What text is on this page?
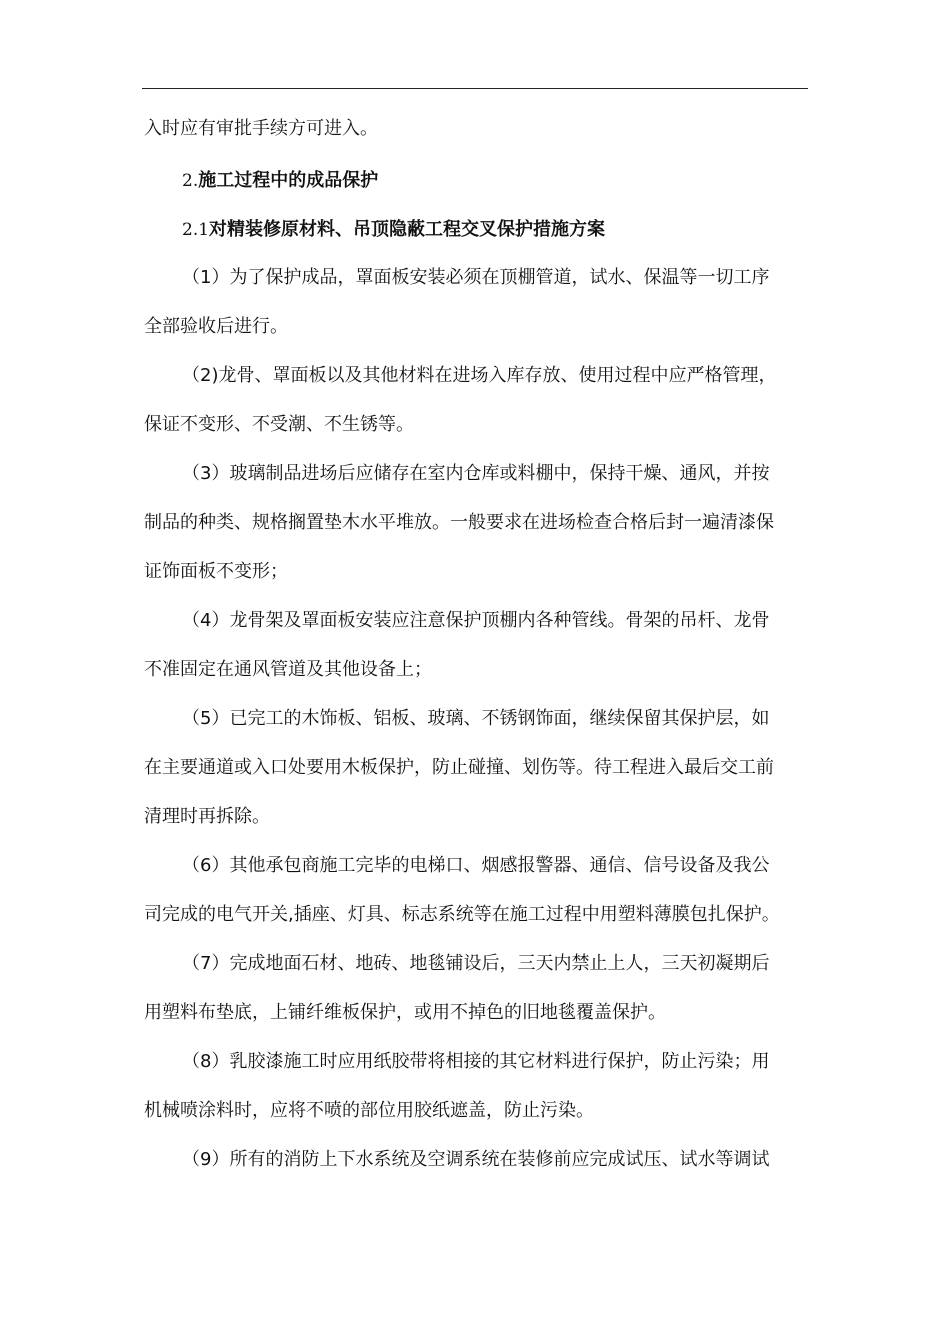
入时应有审批手续方可进入。
2.施工过程中的成品保护
2.1对精装修原材料、吊顶隐蔽工程交叉保护措施方案
（1）为了保护成品，罩面板安装必须在顶棚管道，试水、保温等一切工序
全部验收后进行。
（2)龙骨、罩面板以及其他材料在进场入库存放、使用过程中应严格管理，
保证不变形、不受潮、不生锈等。
（3）玻璃制品进场后应储存在室内仓库或料棚中，保持干燥、通风，并按
制品的种类、规格搁置垫木水平堆放。一般要求在进场检查合格后封一遍清漆保
证饰面板不变形；
（4）龙骨架及罩面板安装应注意保护顶棚内各种管线。骨架的吊杆、龙骨
不准固定在通风管道及其他设备上；
（5）已完工的木饰板、铝板、玻璃、不锈钢饰面，继续保留其保护层，如
在主要通道或入口处要用木板保护，防止碰撞、划伤等。待工程进入最后交工前
清理时再拆除。
（6）其他承包商施工完毕的电梯口、烟感报警器、通信、信号设备及我公
司完成的电气开关,插座、灯具、标志系统等在施工过程中用塑料薄膜包扎保护。
（7）完成地面石材、地砖、地毯铺设后，三天内禁止上人，三天初凝期后
用塑料布垫底，上铺纤维板保护，或用不掉色的旧地毯覆盖保护。
（8）乳胶漆施工时应用纸胶带将相接的其它材料进行保护，防止污染；用
机械喷涂料时，应将不喷的部位用胶纸遮盖，防止污染。
（9）所有的消防上下水系统及空调系统在装修前应完成试压、试水等调试
